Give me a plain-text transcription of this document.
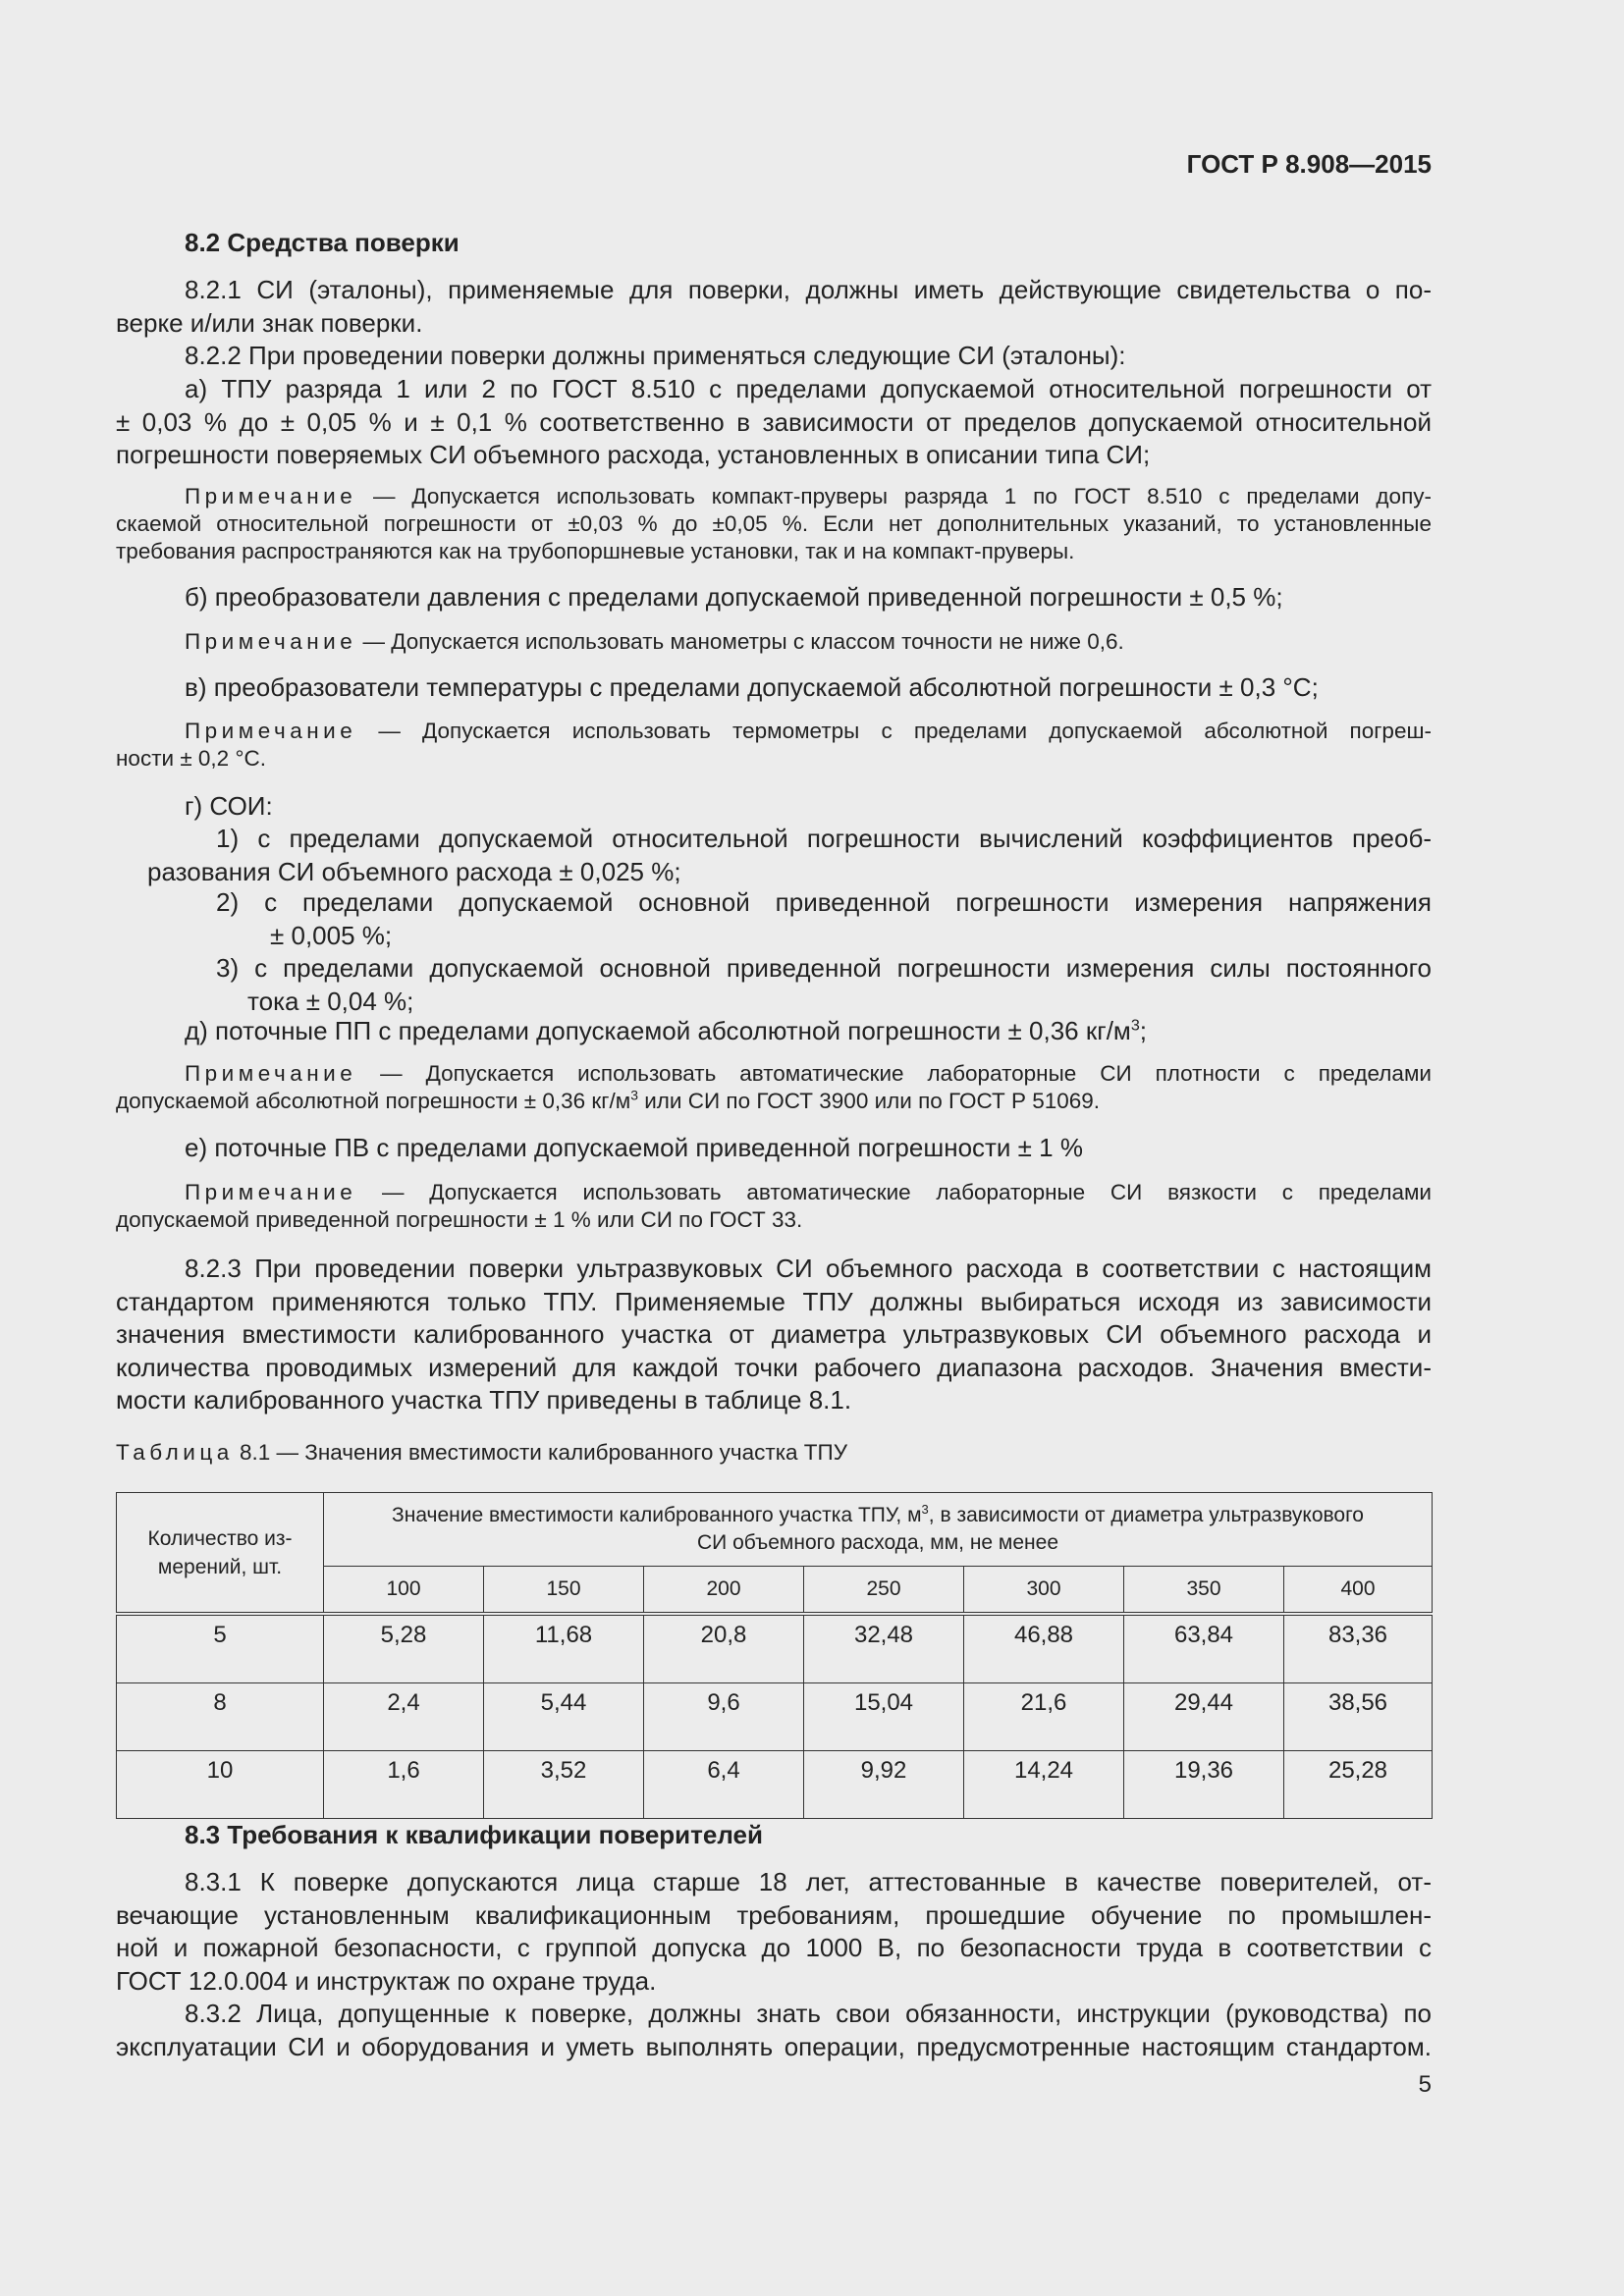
ГОСТ Р 8.908—2015
8.2 Средства поверки
8.2.1 СИ (эталоны), применяемые для поверки, должны иметь действующие свидетельства о по-
верке и/или знак поверки.
8.2.2 При проведении поверки должны применяться следующие СИ (эталоны):
а) ТПУ разряда 1 или 2 по ГОСТ 8.510 с пределами допускаемой относительной погрешности от
± 0,03 % до ± 0,05 % и ± 0,1 % соответственно в зависимости от пределов допускаемой относительной
погрешности поверяемых СИ объемного расхода, установленных в описании типа СИ;
Примечание — Допускается использовать компакт-пруверы разряда 1 по ГОСТ 8.510 с пределами допу-
скаемой относительной погрешности от ±0,03 % до ±0,05 %. Если нет дополнительных указаний, то установленные
требования распространяются как на трубопоршневые установки, так и на компакт-пруверы.
б) преобразователи давления с пределами допускаемой приведенной погрешности ± 0,5 %;
Примечание — Допускается использовать манометры с классом точности не ниже 0,6.
в) преобразователи температуры с пределами допускаемой абсолютной погрешности ± 0,3 °С;
Примечание — Допускается использовать термометры с пределами допускаемой абсолютной погреш-
ности ± 0,2 °С.
г) СОИ:
1) с пределами допускаемой относительной погрешности вычислений коэффициентов преоб-
разования СИ объемного расхода ± 0,025 %;
2) с пределами допускаемой основной приведенной погрешности измерения напряжения
± 0,005 %;
3) с пределами допускаемой основной приведенной погрешности измерения силы постоянного
тока ± 0,04 %;
д) поточные ПП с пределами допускаемой абсолютной погрешности ± 0,36 $кг/м^3$;
Примечание — Допускается использовать автоматические лабораторные СИ плотности с пределами
допускаемой абсолютной погрешности ± 0,36 $кг/м^3$ или СИ по ГОСТ 3900 или по ГОСТ Р 51069.
е) поточные ПВ с пределами допускаемой приведенной погрешности ± 1 %
Примечание — Допускается использовать автоматические лабораторные СИ вязкости с пределами
допускаемой приведенной погрешности ± 1 % или СИ по ГОСТ 33.
8.2.3 При проведении поверки ультразвуковых СИ объемного расхода в соответствии с настоящим
стандартом применяются только ТПУ. Применяемые ТПУ должны выбираться исходя из зависимости
значения вместимости калиброванного участка от диаметра ультразвуковых СИ объемного расхода и
количества проводимых измерений для каждой точки рабочего диапазона расходов. Значения вмести-
мости калиброванного участка ТПУ приведены в таблице 8.1.
Таблица 8.1 — Значения вместимости калиброванного участка ТПУ
Количество из-мерений, шт.	Значение вместимости калиброванного участка ТПУ, $м^3$, в зависимости от диаметра ультразвукового
СИ объемного расхода, мм, не менее						
	100	150	200	250	300	350	400
5	5,28	11,68	20,8	32,48	46,88	63,84	83,36
8	2,4	5,44	9,6	15,04	21,6	29,44	38,56
10	1,6	3,52	6,4	9,92	14,24	19,36	25,28
8.3 Требования к квалификации поверителей
8.3.1 К поверке допускаются лица старше 18 лет, аттестованные в качестве поверителей, от-
вечающие установленным квалификационным требованиям, прошедшие обучение по промышлен-
ной и пожарной безопасности, с группой допуска до 1000 В, по безопасности труда в соответствии с
ГОСТ 12.0.004 и инструктаж по охране труда.
8.3.2 Лица, допущенные к поверке, должны знать свои обязанности, инструкции (руководства) по
эксплуатации СИ и оборудования и уметь выполнять операции, предусмотренные настоящим стандартом.
5
